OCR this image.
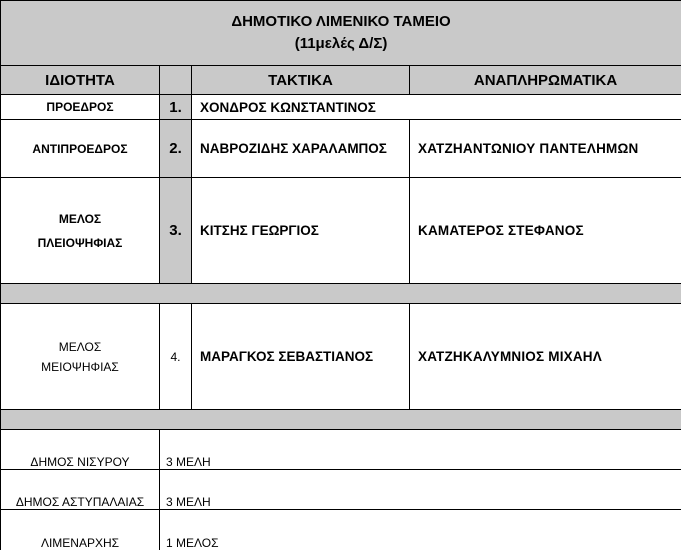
ΔΗΜΟΤΙΚΟ ΛΙΜΕΝΙΚΟ ΤΑΜΕΙΟ
(11μελές Δ/Σ)			

ΙΔΙΟΤΗΤΑ		ΤΑΚΤΙΚΑ	ΑΝΑΠΛΗΡΩΜΑΤΙΚΑ
ΠΡΟΕΔΡΟΣ	1.	ΧΟΝΔΡΟΣ ΚΩΝΣΤΑΝΤΙΝΟΣ	
ΑΝΤΙΠΡΟΕΔΡΟΣ	2.	ΝΑΒΡΟΖΙΔΗΣ ΧΑΡΑΛΑΜΠΟΣ	ΧΑΤΖΗΑΝΤΩΝΙΟΥ ΠΑΝΤΕΛΗΜΩΝ

ΜΕΛΟΣ
ΠΛΕΙΟΨΗΦΙΑΣ	3.	ΚΙΤΣΗΣ ΓΕΩΡΓΙΟΣ	ΚΑΜΑΤΕΡΟΣ ΣΤΕΦΑΝΟΣ

ΜΕΛΟΣ
ΜΕΙΟΨΗΦΙΑΣ	4.	ΜΑΡΑΓΚΟΣ ΣΕΒΑΣΤΙΑΝΟΣ	ΧΑΤΖΗΚΑΛΥΜΝΙΟΣ ΜΙΧΑΗΛ

ΔΗΜΟΣ ΝΙΣΥΡΟΥ	3 ΜΕΛΗ		
ΔΗΜΟΣ ΑΣΤΥΠΑΛΑΙΑΣ	3 ΜΕΛΗ		
ΛΙΜΕΝΑΡΧΗΣ	1 ΜΕΛΟΣ		
